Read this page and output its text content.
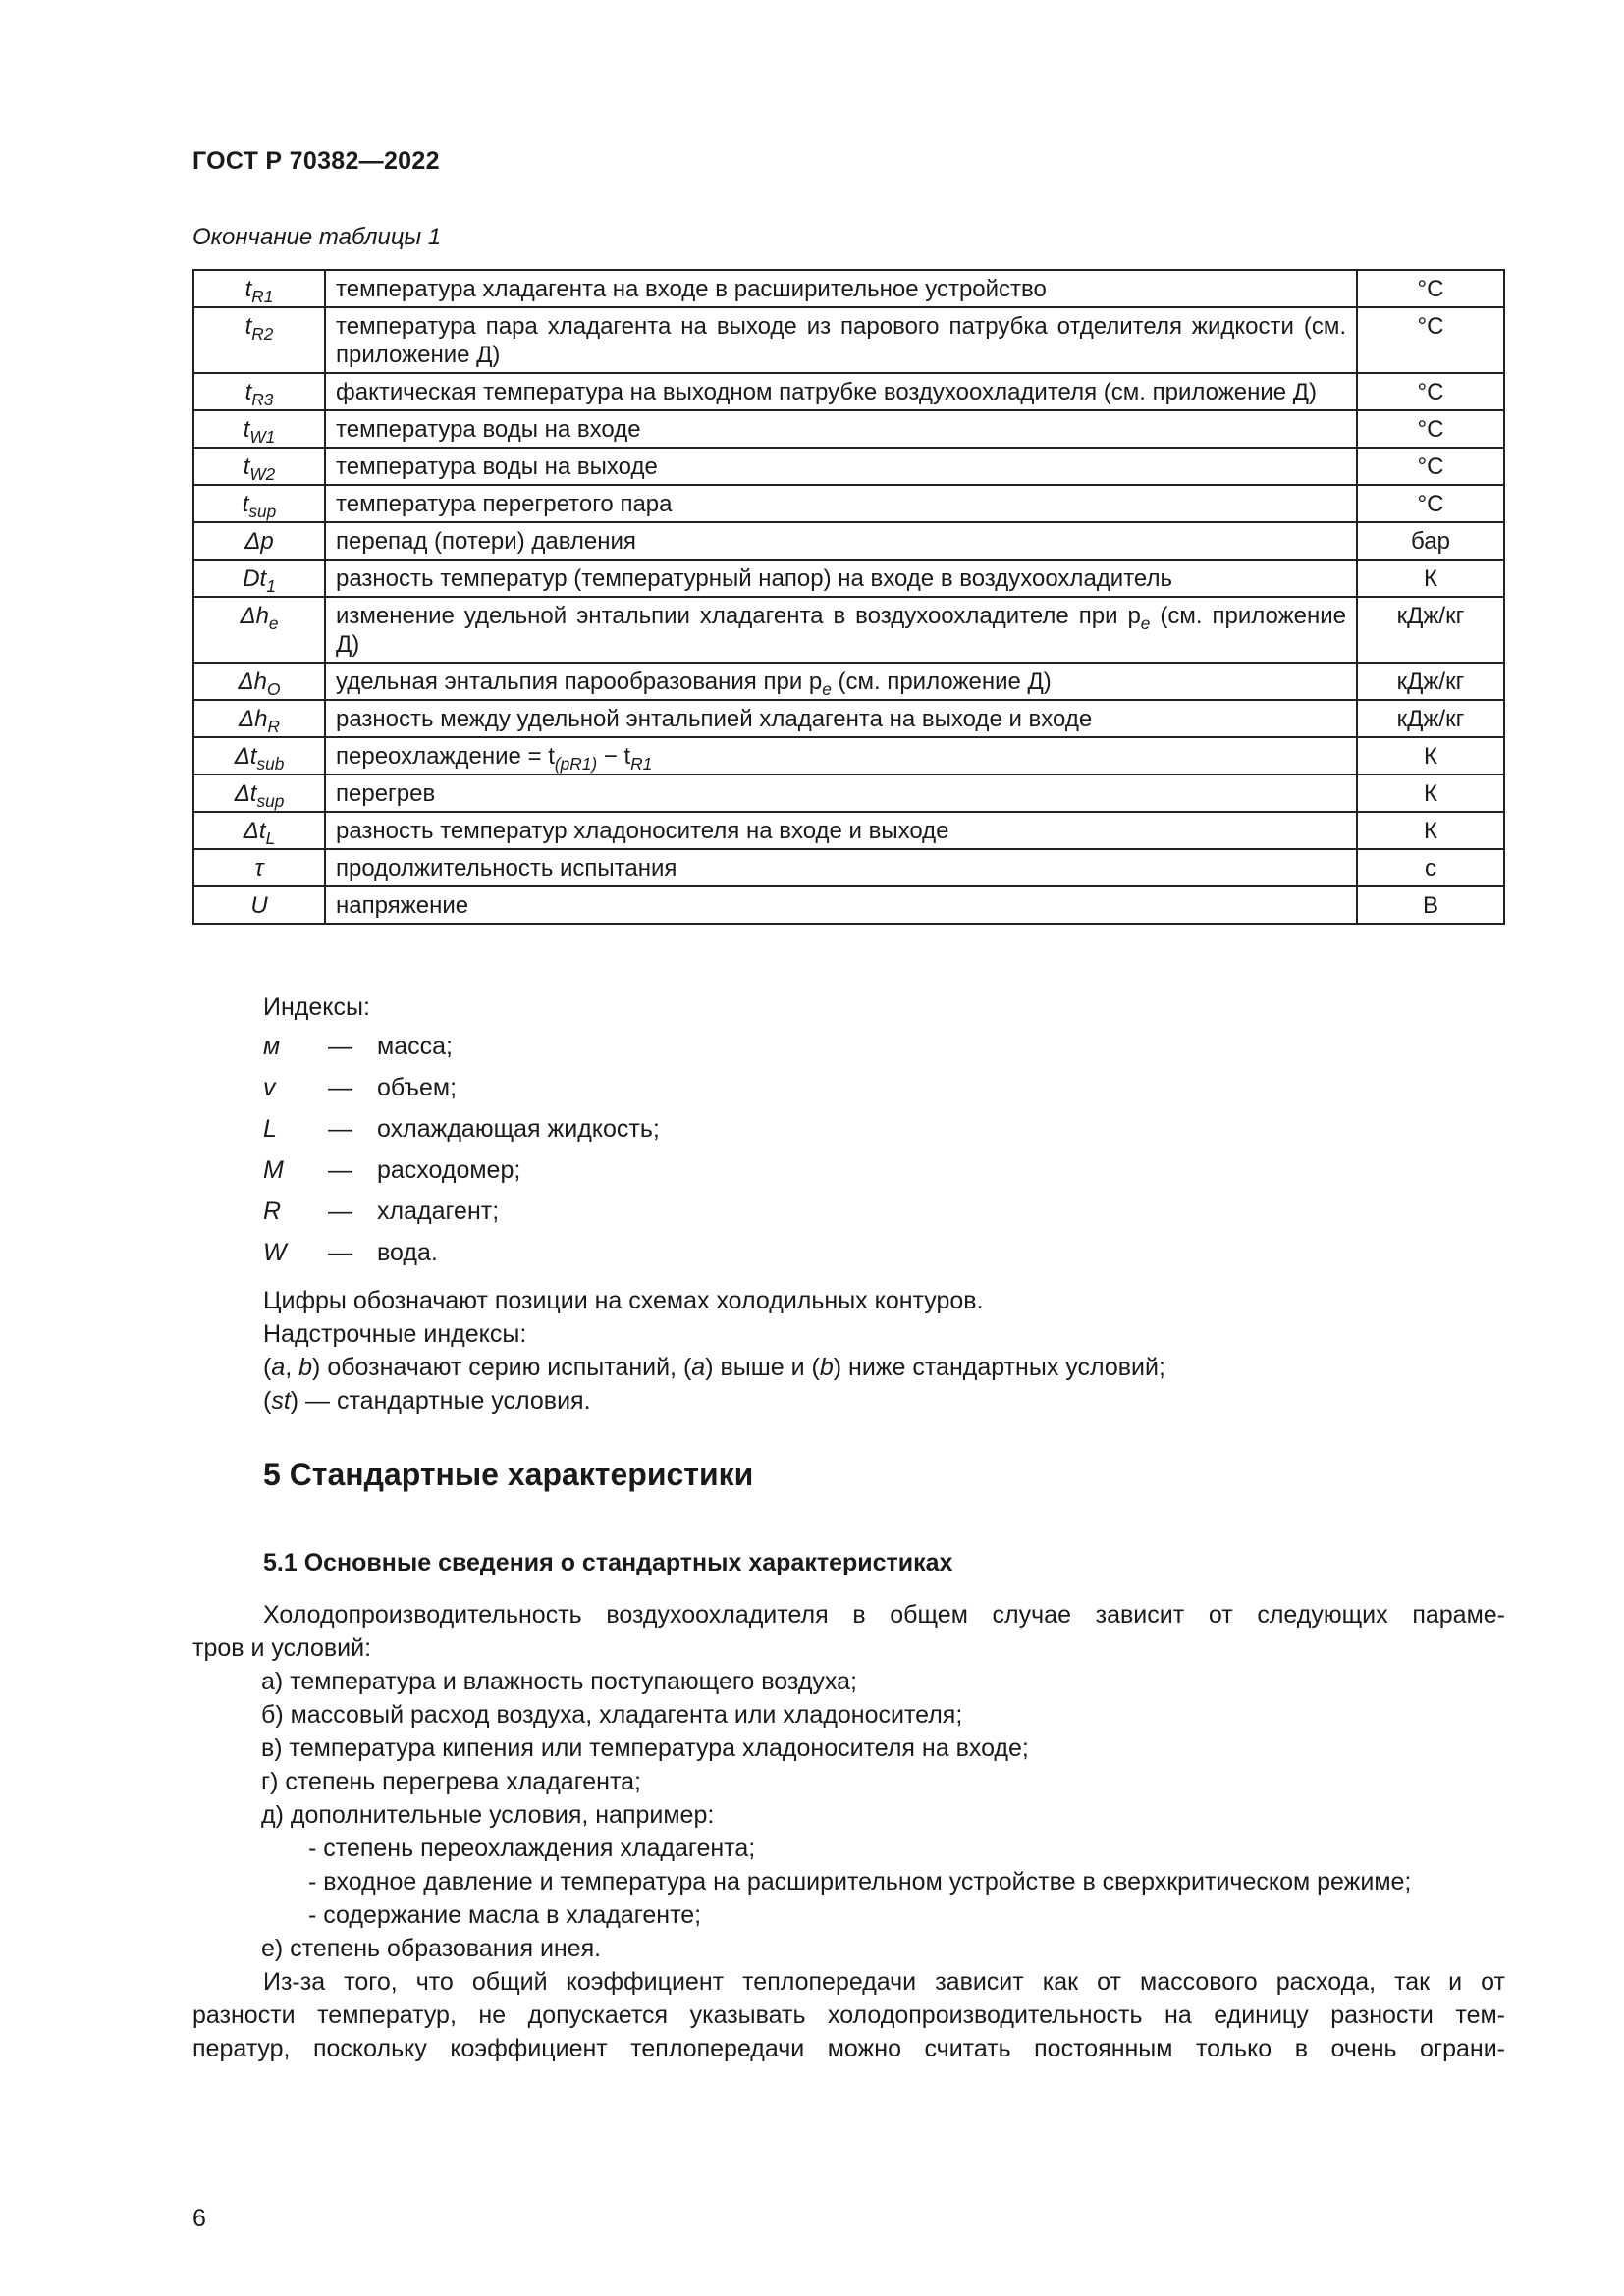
ГОСТ Р 70382—2022
Окончание таблицы 1
$t_{R1}$	температура хладагента на входе в расширительное устройство	°С
$t_{R2}$	температура пара хладагента на выходе из парового патрубка отделителя жидкости (см. приложение Д)	°С
$t_{R3}$	фактическая температура на выходном патрубке воздухоохладителя (см. приложение Д)	°С
$t_{W1}$	температура воды на входе	°С
$t_{W2}$	температура воды на выходе	°С
$t_{sup}$	температура перегретого пара	°С
Δp	перепад (потери) давления	бар
$Dt_1$	разность температур (температурный напор) на входе в воздухоохладитель	К
$\Delta h_e$	изменение удельной энтальпии хладагента в воздухоохладителе при $p_e$ (см. приложение Д)	кДж/кг
$\Delta h_O$	удельная энтальпия парообразования при $p_e$ (см. приложение Д)	кДж/кг
$\Delta h_R$	разность между удельной энтальпией хладагента на выходе и входе	кДж/кг
$\Delta t_{sub}$	переохлаждение = $t_{(pR1)} - t_{R1}$	К
$\Delta t_{sup}$	перегрев	К
$\Delta t_L$	разность температур хладоносителя на входе и выходе	К
τ	продолжительность испытания	с
U	напряжение	В
Индексы:
м	—	масса;
v	—	объем;
L	—	охлаждающая жидкость;
M	—	расходомер;
R	—	хладагент;
W	—	вода.
Цифры обозначают позиции на схемах холодильных контуров.
Надстрочные индексы:
(a, b) обозначают серию испытаний, (a) выше и (b) ниже стандартных условий;
(st) — стандартные условия.
5 Стандартные характеристики
5.1 Основные сведения о стандартных характеристиках
Холодопроизводительность воздухоохладителя в общем случае зависит от следующих параме-
тров и условий:
а) температура и влажность поступающего воздуха;
б) массовый расход воздуха, хладагента или хладоносителя;
в) температура кипения или температура хладоносителя на входе;
г) степень перегрева хладагента;
д) дополнительные условия, например:
- степень переохлаждения хладагента;
- входное давление и температура на расширительном устройстве в сверхкритическом режиме;
- содержание масла в хладагенте;
е) степень образования инея.
Из-за того, что общий коэффициент теплопередачи зависит как от массового расхода, так и от
разности температур, не допускается указывать холодопроизводительность на единицу разности тем-
ператур, поскольку коэффициент теплопередачи можно считать постоянным только в очень ограни-
6
